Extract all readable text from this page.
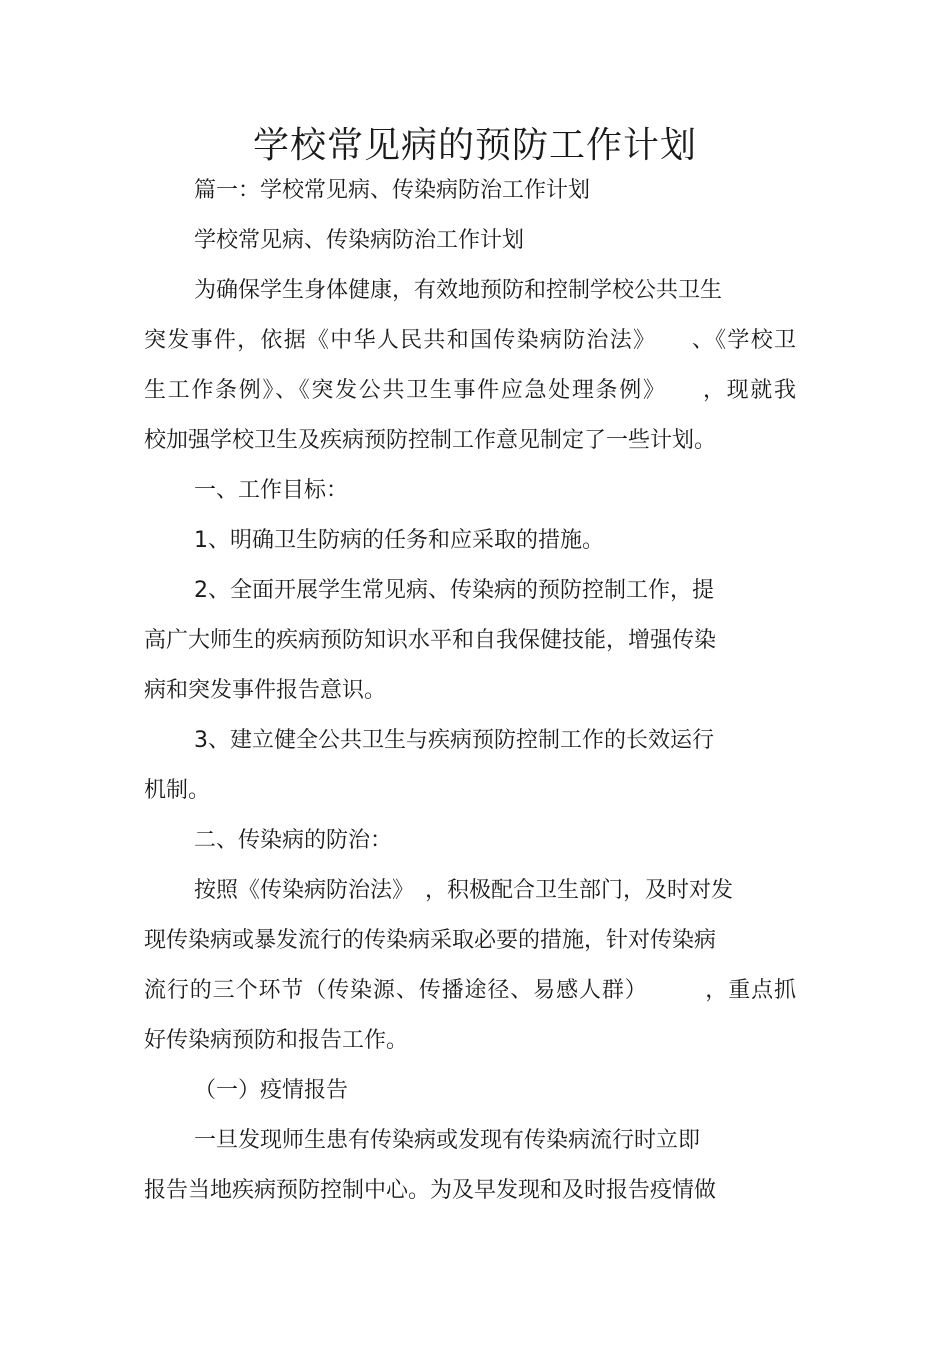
学校常见病的预防工作计划
篇一：学校常见病、传染病防治工作计划
学校常见病、传染病防治工作计划
为确保学生身体健康，有效地预防和控制学校公共卫生
突发事件，依据《中华人民共和国传染病防治法》　　、《学校卫
生工作条例》、《突发公共卫生事件应急处理条例》　　，现就我
校加强学校卫生及疾病预防控制工作意见制定了一些计划。
一、工作目标：
1、明确卫生防病的任务和应采取的措施。
2、全面开展学生常见病、传染病的预防控制工作，提
高广大师生的疾病预防知识水平和自我保健技能，增强传染
病和突发事件报告意识。
3、建立健全公共卫生与疾病预防控制工作的长效运行
机制。
二、传染病的防治：
按照《传染病防治法》　，积极配合卫生部门，及时对发
现传染病或暴发流行的传染病采取必要的措施，针对传染病
流行的三个环节（传染源、传播途径、易感人群）　　　，重点抓
好传染病预防和报告工作。
（一）疫情报告
一旦发现师生患有传染病或发现有传染病流行时立即
报告当地疾病预防控制中心。为及早发现和及时报告疫情做
